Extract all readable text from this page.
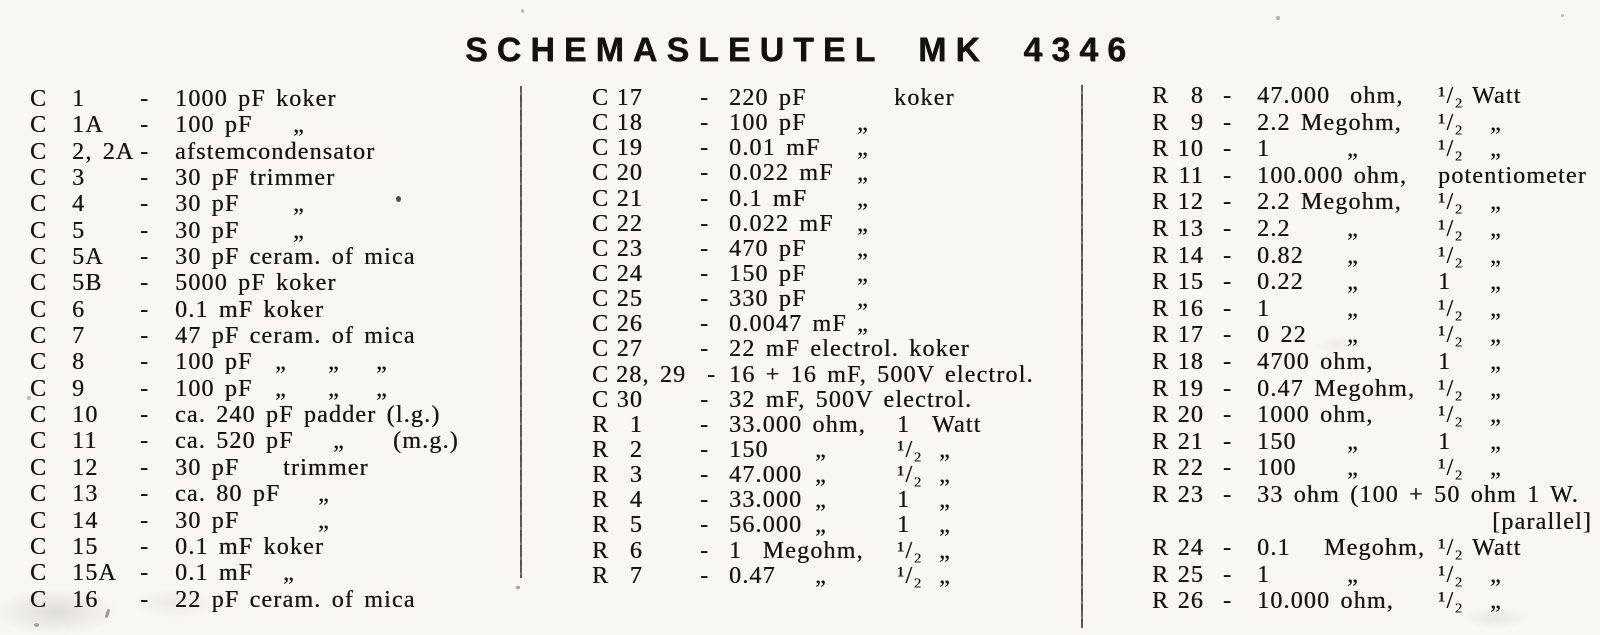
SCHEMASLEUTEL MK 4346
C	1	-	1000 pF koker
C	1A	-	100 pF	„
C	2, 2A -	afstemcondensator
C	3	-	30 pF trimmer
C	4	-	30 pF	„
C	5	-	30 pF	„
C	5A	-	30 pF ceram. of mica
C	5B	-	5000 pF koker
C	6	-	0.1 mF koker
C	7	-	47 pF ceram. of mica
C	8	-	100 pF „	„	„
C	9	-	100 pF „	„	„
C	10	-	ca. 240 pF padder (l.g.)
C	11	-	ca. 520 pF	„	(m.g.)
C	12	-	30 pF	trimmer
C	13	-	ca. 80 pF	„
C	14	-	30 pF	„
C	15	-	0.1 mF koker
C	15A -	0.1 mF	„
C	16	-	22 pF ceram. of mica
C 17	- 220 pF	koker
C 18	- 100 pF	„
C 19	- 0.01 mF	„
C 20	- 0.022 mF „
C 21	- 0.1 mF	„
C 22	- 0.022 mF „
C 23	- 470 pF	„
C 24	- 150 pF	„
C 25	- 330 pF	„
C 26	- 0.0047 mF „
C 27	- 22 mF electrol. koker
C 28, 29 - 16 + 16 mF, 500V electrol.
C 30	- 32 mF, 500V electrol.
R 1	- 33.000 ohm,	1 Watt
R 2	- 150	„	¹/₂ „
R 3	- 47.000 „	¹/₂ „
R 4	- 33.000 „	1	„
R 5	- 56.000 „	1	„
R 6	- 1  Megohm,	¹/₂ „
R 7	- 0.47	„	¹/₂ „
R 8 -	47.000 ohm,	¹/₂ Watt
R 9 -	2.2 Megohm,	¹/₂	„
R 10 -	1	„	¹/₂	„
R 11 -	100.000 ohm,	potentiometer
R 12 -	2.2 Megohm,	¹/₂	„
R 13 -	2.2	„	¹/₂	„
R 14 -	0.82	„	¹/₂	„
R 15 -	0.22	„	1	„
R 16 -	1	„	¹/₂	„
R 17 -	0 22	„	¹/₂	„
R 18 -	4700 ohm,	1	„
R 19 -	0.47 Megohm, ¹/₂	„
R 20 -	1000 ohm,	¹/₂	„
R 21 -	150	„	1	„
R 22 -	100	„	¹/₂	„
R 23 -	33 ohm (100 + 50 ohm 1 W.
[parallel]
R 24 -	0.1	Megohm, ¹/₂ Watt
R 25 -	1	„	¹/₂	„
R 26 -	10.000 ohm,	¹/₂	„
